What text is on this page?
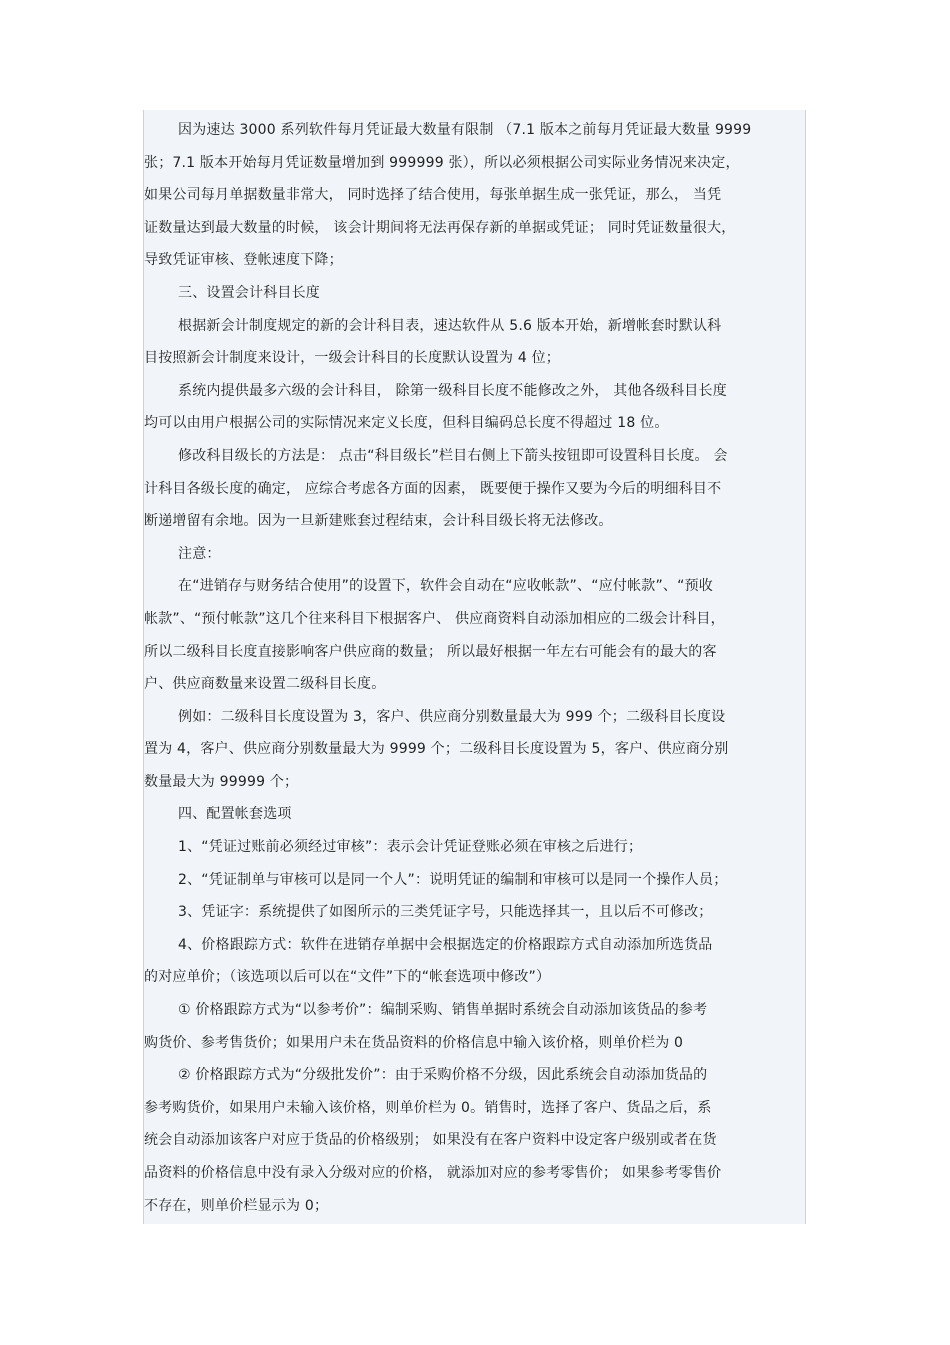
因为速达 3000 系列软件每月凭证最大数量有限制 （7.1 版本之前每月凭证最大数量 9999
张；7.1 版本开始每月凭证数量增加到 999999 张），所以必须根据公司实际业务情况来决定，
如果公司每月单据数量非常大， 同时选择了结合使用，每张单据生成一张凭证，那么， 当凭
证数量达到最大数量的时候， 该会计期间将无法再保存新的单据或凭证； 同时凭证数量很大，
导致凭证审核、登帐速度下降；
三、设置会计科目长度
根据新会计制度规定的新的会计科目表，速达软件从 5.6 版本开始，新增帐套时默认科
目按照新会计制度来设计，一级会计科目的长度默认设置为 4 位；
系统内提供最多六级的会计科目， 除第一级科目长度不能修改之外， 其他各级科目长度
均可以由用户根据公司的实际情况来定义长度，但科目编码总长度不得超过 18 位。
修改科目级长的方法是： 点击“科目级长”栏目右侧上下箭头按钮即可设置科目长度。 会
计科目各级长度的确定， 应综合考虑各方面的因素， 既要便于操作又要为今后的明细科目不
断递增留有余地。因为一旦新建账套过程结束，会计科目级长将无法修改。
注意：
在“进销存与财务结合使用”的设置下，软件会自动在“应收帐款”、“应付帐款”、“预收
帐款”、“预付帐款”这几个往来科目下根据客户、 供应商资料自动添加相应的二级会计科目，
所以二级科目长度直接影响客户供应商的数量； 所以最好根据一年左右可能会有的最大的客
户、供应商数量来设置二级科目长度。
例如：二级科目长度设置为 3，客户、供应商分别数量最大为 999 个；二级科目长度设
置为 4，客户、供应商分别数量最大为 9999 个；二级科目长度设置为 5，客户、供应商分别
数量最大为 99999 个；
四、配置帐套选项
1、“凭证过账前必须经过审核”：表示会计凭证登账必须在审核之后进行；
2、“凭证制单与审核可以是同一个人”：说明凭证的编制和审核可以是同一个操作人员；
3、凭证字：系统提供了如图所示的三类凭证字号，只能选择其一，且以后不可修改；
4、价格跟踪方式：软件在进销存单据中会根据选定的价格跟踪方式自动添加所选货品
的对应单价；（该选项以后可以在“文件”下的“帐套选项中修改”）
① 价格跟踪方式为“以参考价”：编制采购、销售单据时系统会自动添加该货品的参考
购货价、参考售货价；如果用户未在货品资料的价格信息中输入该价格，则单价栏为 0
② 价格跟踪方式为“分级批发价”：由于采购价格不分级，因此系统会自动添加货品的
参考购货价，如果用户未输入该价格，则单价栏为 0。销售时，选择了客户、货品之后，系
统会自动添加该客户对应于货品的价格级别； 如果没有在客户资料中设定客户级别或者在货
品资料的价格信息中没有录入分级对应的价格， 就添加对应的参考零售价； 如果参考零售价
不存在，则单价栏显示为 0；
